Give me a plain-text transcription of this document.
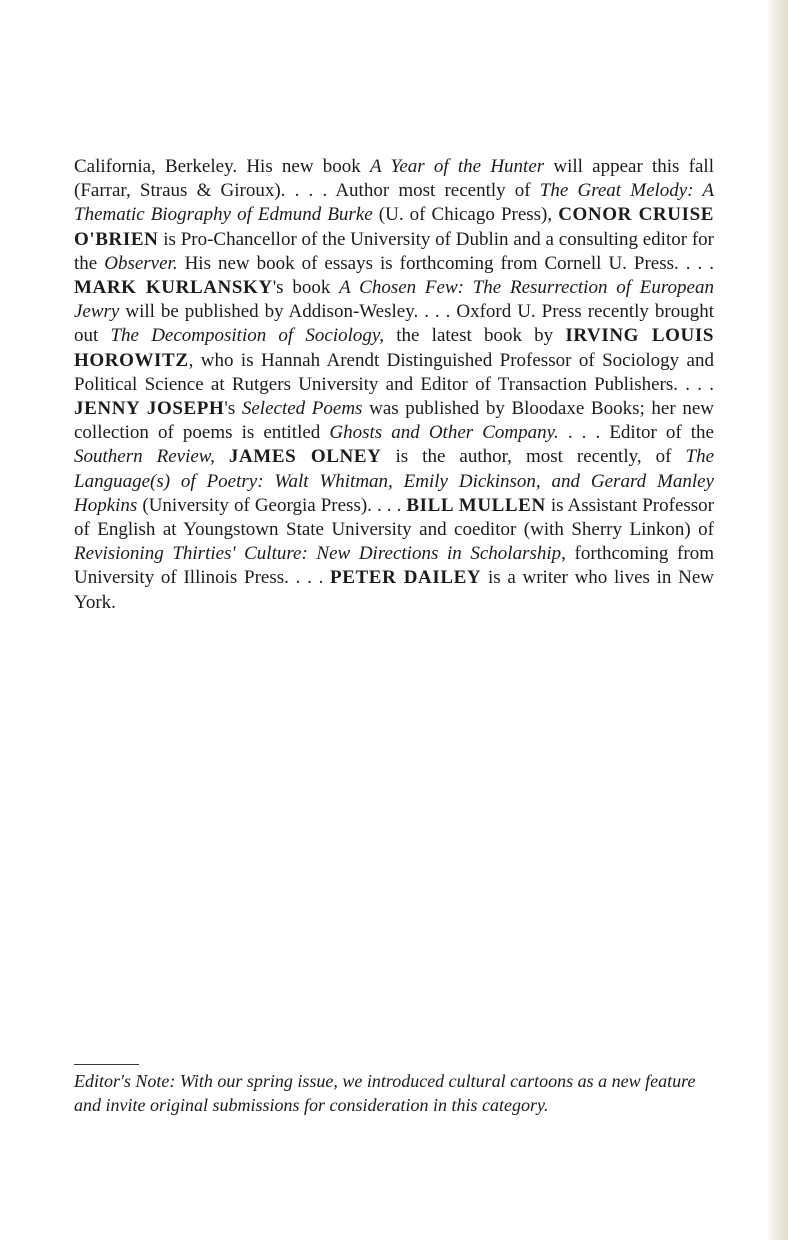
California, Berkeley. His new book A Year of the Hunter will appear this fall (Farrar, Straus & Giroux). . . . Author most recently of The Great Melody: A Thematic Biography of Edmund Burke (U. of Chicago Press), CONOR CRUISE O'BRIEN is Pro-Chancellor of the University of Dublin and a consulting editor for the Observer. His new book of essays is forthcoming from Cornell U. Press. . . . MARK KURLANSKY's book A Chosen Few: The Resurrection of European Jewry will be published by Addison-Wesley. . . . Oxford U. Press recently brought out The Decomposition of Sociology, the latest book by IRVING LOUIS HOROWITZ, who is Hannah Arendt Distinguished Professor of Sociology and Political Science at Rutgers University and Editor of Transaction Publishers. . . . JENNY JOSEPH's Selected Poems was published by Bloodaxe Books; her new collection of poems is entitled Ghosts and Other Company. . . . Editor of the Southern Review, JAMES OLNEY is the author, most recently, of The Language(s) of Poetry: Walt Whitman, Emily Dickinson, and Gerard Manley Hopkins (University of Georgia Press). . . . BILL MULLEN is Assistant Professor of English at Youngstown State University and coeditor (with Sherry Linkon) of Revisioning Thirties' Culture: New Directions in Scholarship, forthcoming from University of Illinois Press. . . . PETER DAILEY is a writer who lives in New York.

Editor's Note: With our spring issue, we introduced cultural cartoons as a new feature and invite original submissions for consideration in this category.
